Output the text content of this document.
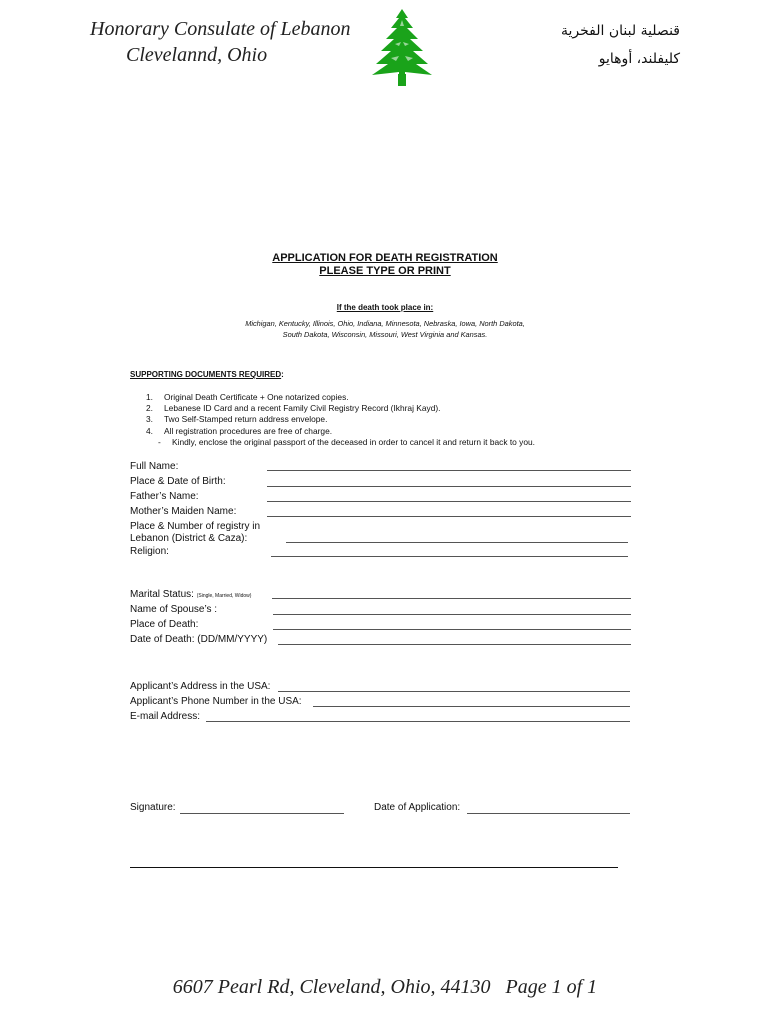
Honorary Consulate of Lebanon
Clevelannd, Ohio
قنصلية لبنان الفخرية
كليفلند، أوهايو
APPLICATION FOR DEATH REGISTRATION
PLEASE TYPE OR PRINT
If the death took place in:
Michigan, Kentucky, Illinois, Ohio, Indiana, Minnesota, Nebraska, Iowa, North Dakota,
South Dakota, Wisconsin, Missouri, West Virginia and Kansas.
SUPPORTING DOCUMENTS REQUIRED:
1. Original Death Certificate + One notarized copies.
2. Lebanese ID Card and a recent Family Civil Registry Record (Ikhraj Kayd).
3. Two Self-Stamped return address envelope.
4. All registration procedures are free of charge.
- Kindly, enclose the original passport of the deceased in order to cancel it and return it back to you.
Full Name:
Place & Date of Birth:
Father’s Name:
Mother’s Maiden Name:
Place & Number of registry in
Lebanon (District & Caza):
Religion:
Marital Status: (Single, Married, Widow)
Name of Spouse’s :
Place of Death:
Date of Death: (DD/MM/YYYY)
Applicant’s Address in the USA:
Applicant’s Phone Number in the USA:
E-mail Address:
Signature:	Date of Application:
6607 Pearl Rd, Cleveland, Ohio, 44130 Page 1 of 1
